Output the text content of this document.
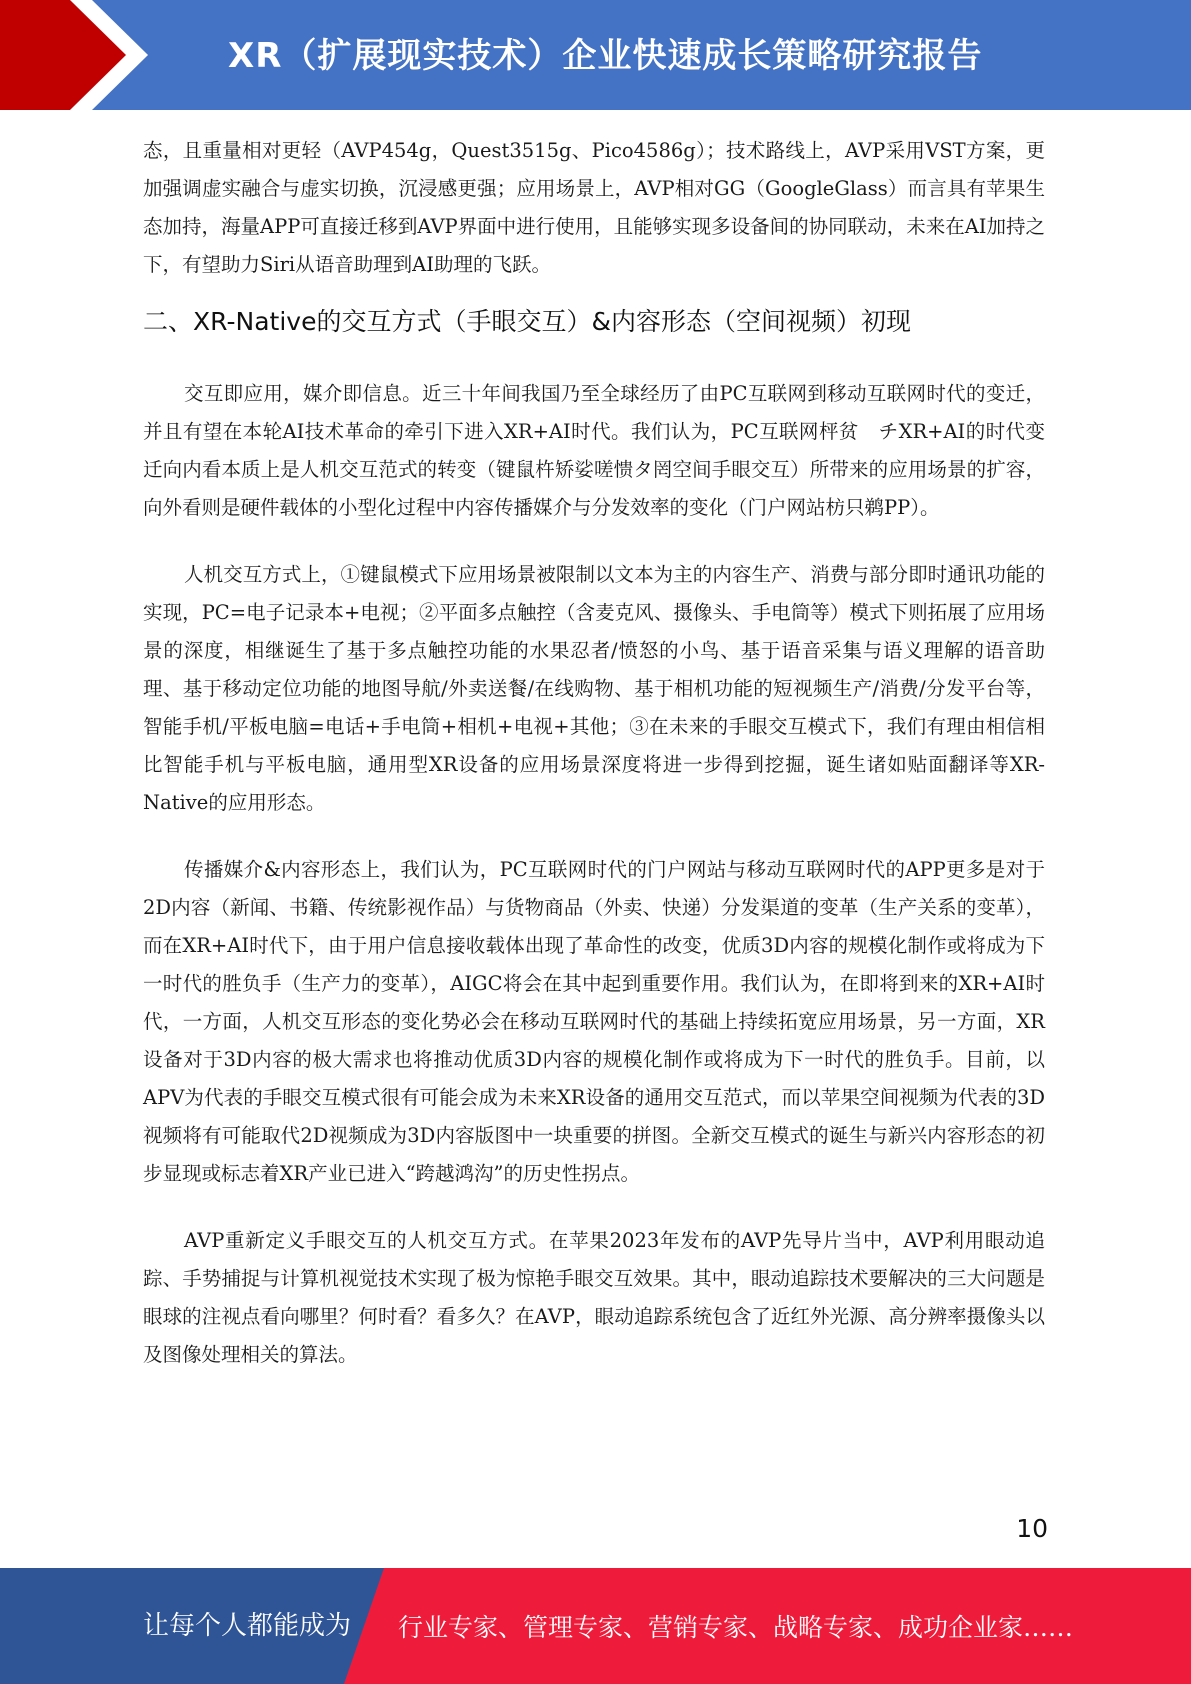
XR（扩展现实技术）企业快速成长策略研究报告

态，且重量相对更轻（AVP454g，Quest3515g、Pico4586g）；技术路线上，AVP采用VST方案，更加强调虚实融合与虚实切换，沉浸感更强；应用场景上，AVP相对GG（GoogleGlass）而言具有苹果生态加持，海量APP可直接迁移到AVP界面中进行使用，且能够实现多设备间的协同联动，未来在AI加持之下，有望助力Siri从语音助理到AI助理的飞跃。

二、XR-Native的交互方式（手眼交互）&内容形态（空间视频）初现

交互即应用，媒介即信息。近三十年间我国乃至全球经历了由PC互联网到移动互联网时代的变迁，并且有望在本轮AI技术革命的牵引下进入XR+AI时代。我们认为，PC互联网枰贫　チXR+AI的时代变迁向内看本质上是人机交互范式的转变（键鼠杵矫娑嗟愦タ罔空间手眼交互）所带来的应用场景的扩容，向外看则是硬件载体的小型化过程中内容传播媒介与分发效率的变化（门户网站枋只鹈PP）。

人机交互方式上，①键鼠模式下应用场景被限制以文本为主的内容生产、消费与部分即时通讯功能的实现，PC=电子记录本+电视；②平面多点触控（含麦克风、摄像头、手电筒等）模式下则拓展了应用场景的深度，相继诞生了基于多点触控功能的水果忍者/愤怒的小鸟、基于语音采集与语义理解的语音助理、基于移动定位功能的地图导航/外卖送餐/在线购物、基于相机功能的短视频生产/消费/分发平台等，智能手机/平板电脑=电话+手电筒+相机+电视+其他；③在未来的手眼交互模式下，我们有理由相信相比智能手机与平板电脑，通用型XR设备的应用场景深度将进一步得到挖掘，诞生诸如贴面翻译等XR-Native的应用形态。

传播媒介&内容形态上，我们认为，PC互联网时代的门户网站与移动互联网时代的APP更多是对于2D内容（新闻、书籍、传统影视作品）与货物商品（外卖、快递）分发渠道的变革（生产关系的变革），而在XR+AI时代下，由于用户信息接收载体出现了革命性的改变，优质3D内容的规模化制作或将成为下一时代的胜负手（生产力的变革），AIGC将会在其中起到重要作用。我们认为，在即将到来的XR+AI时代，一方面，人机交互形态的变化势必会在移动互联网时代的基础上持续拓宽应用场景，另一方面，XR设备对于3D内容的极大需求也将推动优质3D内容的规模化制作或将成为下一时代的胜负手。目前，以APV为代表的手眼交互模式很有可能会成为未来XR设备的通用交互范式，而以苹果空间视频为代表的3D视频将有可能取代2D视频成为3D内容版图中一块重要的拼图。全新交互模式的诞生与新兴内容形态的初步显现或标志着XR产业已进入“跨越鸿沟”的历史性拐点。

AVP重新定义手眼交互的人机交互方式。在苹果2023年发布的AVP先导片当中，AVP利用眼动追踪、手势捕捉与计算机视觉技术实现了极为惊艳手眼交互效果。其中，眼动追踪技术要解决的三大问题是眼球的注视点看向哪里？何时看？看多久？在AVP，眼动追踪系统包含了近红外光源、高分辨率摄像头以及图像处理相关的算法。

10
让每个人都能成为 行业专家、管理专家、营销专家、战略专家、成功企业家……
